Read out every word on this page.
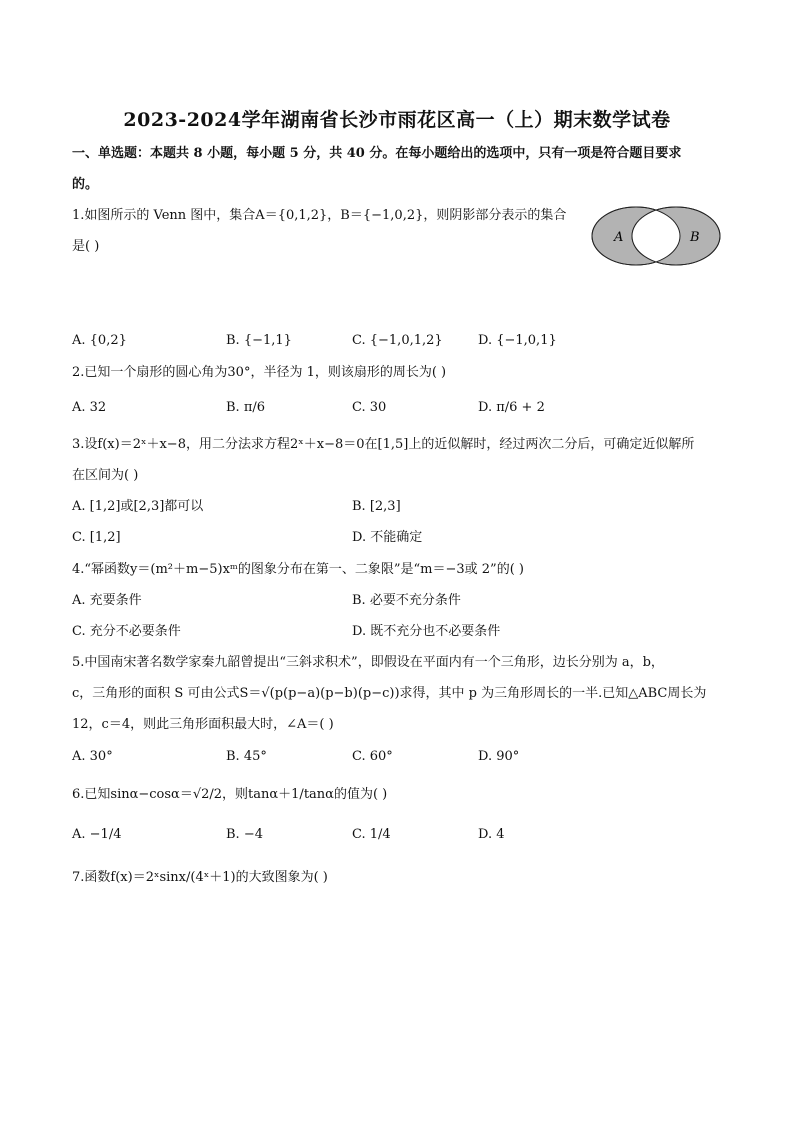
2023-2024学年湖南省长沙市雨花区高一（上）期末数学试卷
一、单选题：本题共 8 小题，每小题 5 分，共 40 分。在每小题给出的选项中，只有一项是符合题目要求
的。
1.如图所示的 Venn 图中，集合A＝{0,1,2}，B＝{−1,0,2}，则阴影部分表示的集合
是( )
A	B
A. {0,2}	B. {−1,1}	C. {−1,0,1,2}	D. {−1,0,1}
2.已知一个扇形的圆心角为30°，半径为 1，则该扇形的周长为( )
A. 32	B. π/6	C. 30	D. π/6 + 2
3.设f(x)＝2ˣ＋x−8，用二分法求方程2ˣ＋x−8＝0在[1,5]上的近似解时，经过两次二分后，可确定近似解所
在区间为( )
A. [1,2]或[2,3]都可以	B. [2,3]
C. [1,2]	D. 不能确定
4.“幂函数y＝(m²＋m−5)xᵐ的图象分布在第一、二象限”是“m＝−3或 2”的( )
A. 充要条件	B. 必要不充分条件
C. 充分不必要条件	D. 既不充分也不必要条件
5.中国南宋著名数学家秦九韶曾提出“三斜求积术”，即假设在平面内有一个三角形，边长分别为 a，b，
c，三角形的面积 S 可由公式S＝√(p(p−a)(p−b)(p−c))求得，其中 p 为三角形周长的一半.已知△ABC周长为
12，c＝4，则此三角形面积最大时，∠A＝( )
A. 30°	B. 45°	C. 60°	D. 90°
6.已知sinα−cosα＝√2/2，则tanα＋1/tanα的值为( )
A. −1/4	B. −4	C. 1/4	D. 4
7.函数f(x)＝2ˣsinx/(4ˣ＋1)的大致图象为( )
